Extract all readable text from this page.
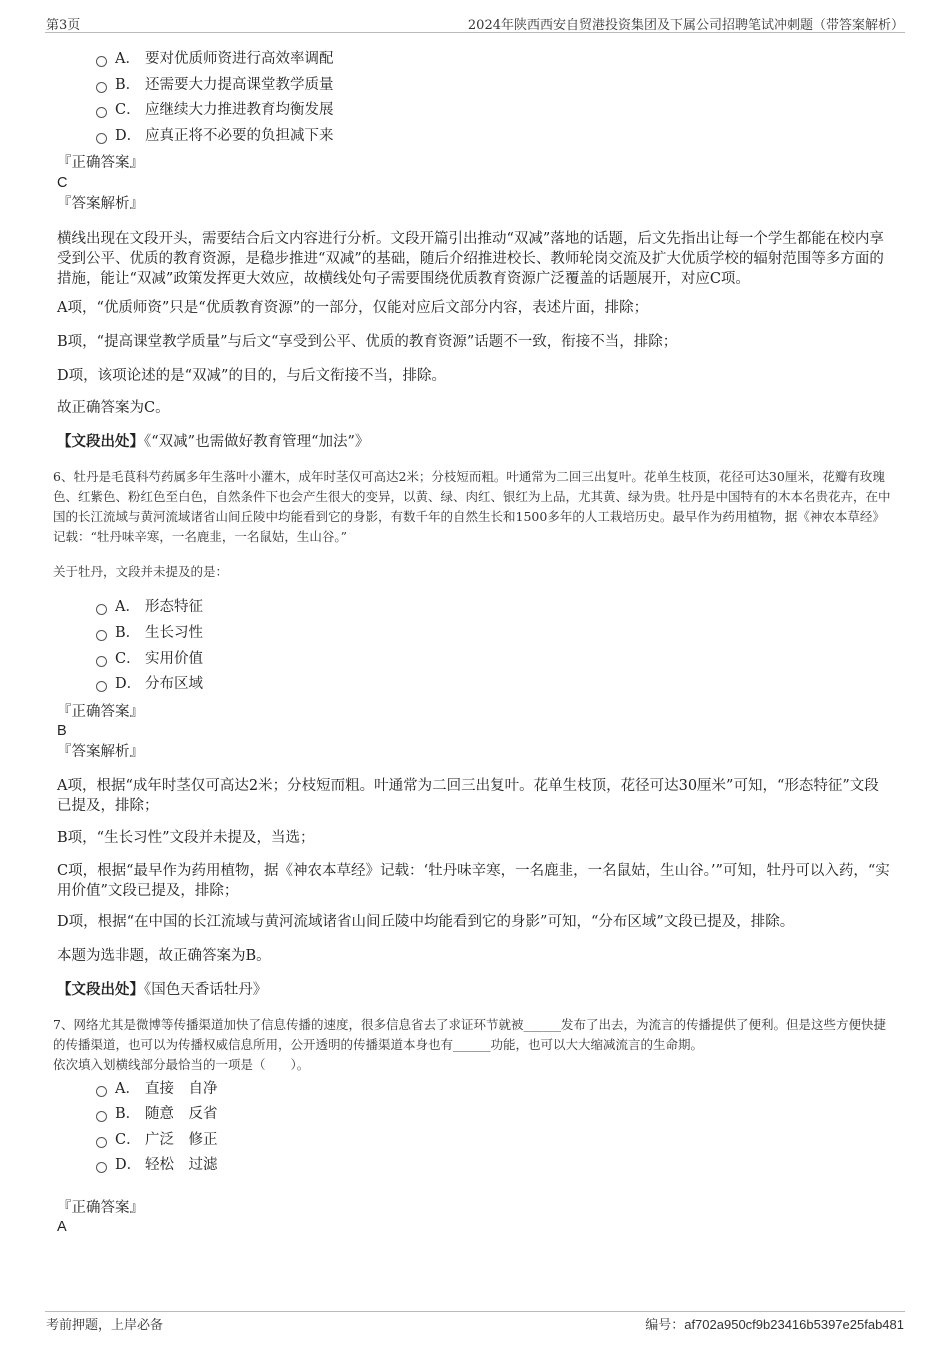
第3页	2024年陕西西安自贸港投资集团及下属公司招聘笔试冲刺题（带答案解析）
A． 要对优质师资进行高效率调配
B． 还需要大力提高课堂教学质量
C． 应继续大力推进教育均衡发展
D． 应真正将不必要的负担减下来
『正确答案』
C
『答案解析』
横线出现在文段开头，需要结合后文内容进行分析。文段开篇引出推动“双减”落地的话题，后文先指出让每一个学生都能在校内享受到公平、优质的教育资源，是稳步推进“双减”的基础，随后介绍推进校长、教师轮岗交流及扩大优质学校的辐射范围等多方面的措施，能让“双减”政策发挥更大效应，故横线处句子需要围绕优质教育资源广泛覆盖的话题展开，对应C项。
A项，“优质师资”只是“优质教育资源”的一部分，仅能对应后文部分内容，表述片面，排除；
B项，“提高课堂教学质量”与后文“享受到公平、优质的教育资源”话题不一致，衔接不当，排除；
D项，该项论述的是“双减”的目的，与后文衔接不当，排除。
故正确答案为C。
【文段出处】《“双减”也需做好教育管理“加法”》
6、牡丹是毛茛科芍药属多年生落叶小灌木，成年时茎仅可高达2米；分枝短而粗。叶通常为二回三出复叶。花单生枝顶，花径可达30厘米，花瓣有玫瑰色、红紫色、粉红色至白色，自然条件下也会产生很大的变异，以黄、绿、肉红、银红为上品，尤其黄、绿为贵。牡丹是中国特有的木本名贵花卉，在中国的长江流域与黄河流域诸省山间丘陵中均能看到它的身影，有数千年的自然生长和1500多年的人工栽培历史。最早作为药用植物，据《神农本草经》记载：“牡丹味辛寒，一名鹿韭，一名鼠姑，生山谷。”
关于牡丹，文段并未提及的是：
A． 形态特征
B． 生长习性
C． 实用价值
D． 分布区域
『正确答案』
B
『答案解析』
A项，根据“成年时茎仅可高达2米；分枝短而粗。叶通常为二回三出复叶。花单生枝顶，花径可达30厘米”可知，“形态特征”文段已提及，排除；
B项，“生长习性”文段并未提及，当选；
C项，根据“最早作为药用植物，据《神农本草经》记载：‘牡丹味辛寒，一名鹿韭，一名鼠姑，生山谷。’”可知，牡丹可以入药，“实用价值”文段已提及，排除；
D项，根据“在中国的长江流域与黄河流域诸省山间丘陵中均能看到它的身影”可知，“分布区域”文段已提及，排除。
本题为选非题，故正确答案为B。
【文段出处】《国色天香话牡丹》
7、网络尤其是微博等传播渠道加快了信息传播的速度，很多信息省去了求证环节就被______发布了出去，为流言的传播提供了便利。但是这些方便快捷的传播渠道，也可以为传播权威信息所用，公开透明的传播渠道本身也有______功能，也可以大大缩减流言的生命期。
依次填入划横线部分最恰当的一项是（　　）。
A． 直接　自净
B． 随意　反省
C． 广泛　修正
D． 轻松　过滤
『正确答案』
A
考前押题，上岸必备	编号：af702a950cf9b23416b5397e25fab481
